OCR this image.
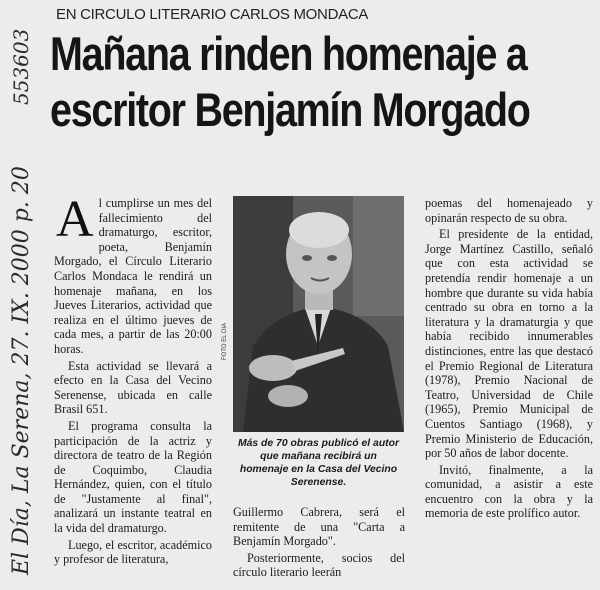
El Día, La Serena, 27. IX. 2000 p. 20
553603
EN CIRCULO LITERARIO CARLOS MONDACA
Mañana rinden homenaje a
escritor Benjamín Morgado

Al cumplirse un mes del fallecimiento del dramaturgo, escritor, poeta, Benjamín Morgado, el Círculo Literario Carlos Mondaca le rendirá un homenaje mañana, en los Jueves Literarios, actividad que realiza en el último jueves de cada mes, a partir de las 20:00 horas.

Esta actividad se llevará a efecto en la Casa del Vecino Serenense, ubicada en calle Brasil 651.

El programa consulta la participación de la actriz y directora de teatro de la Región de Coquimbo, Claudia Hernández, quien, con el título de "Justamente al final", analizará un instante teatral en la vida del dramaturgo.

Luego, el escritor, académico y profesor de literatura,

FOTO EL DIA
Más de 70 obras publicó el autor que mañana recibirá un homenaje en la Casa del Vecino Serenense.

Guillermo Cabrera, será el remitente de una "Carta a Benjamín Morgado".

Posteriormente, socios del círculo literario leerán

poemas del homenajeado y opinarán respecto de su obra.

El presidente de la entidad, Jorge Martínez Castillo, señaló que con esta actividad se pretendía rendir homenaje a un hombre que durante su vida había centrado su obra en torno a la literatura y la dramaturgia y que había recibido innumerables distinciones, entre las que destacó el Premio Regional de Literatura (1978), Premio Nacional de Teatro, Universidad de Chile (1965), Premio Municipal de Cuentos Santiago (1968), y Premio Ministerio de Educación, por 50 años de labor docente.

Invitó, finalmente, a la comunidad, a asistir a este encuentro con la obra y la memoria de este prolífico autor.
